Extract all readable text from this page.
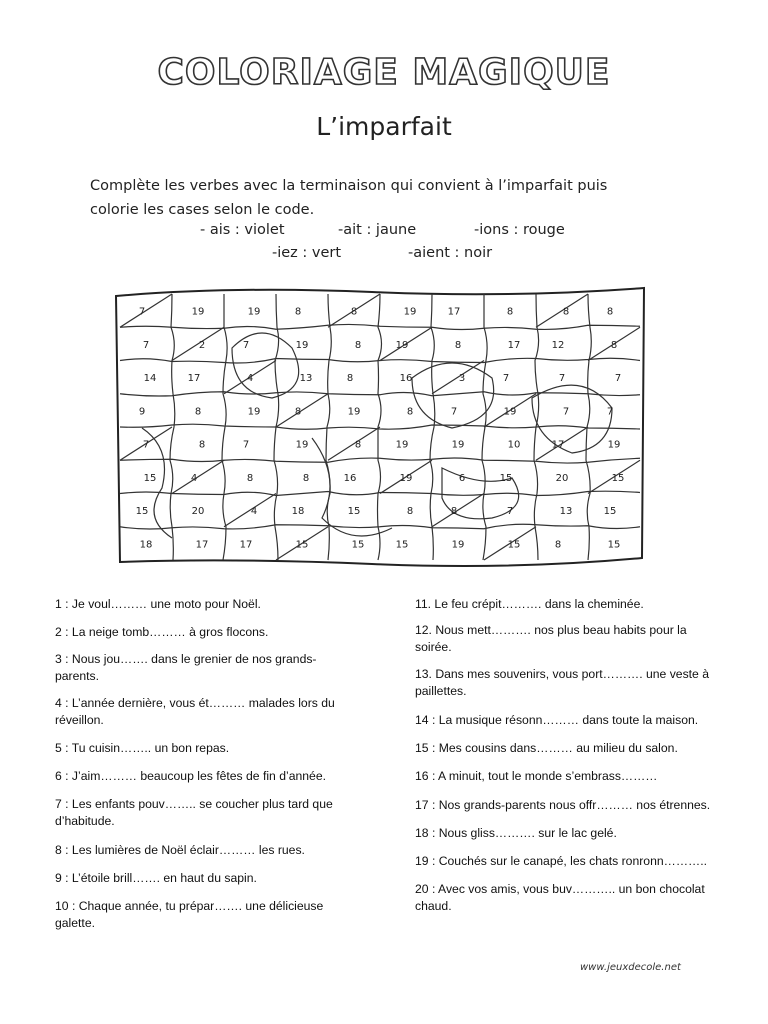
COLORIAGE MAGIQUE
L’imparfait
Complète les verbes avec la terminaison qui convient à l’imparfait puis
colorie les cases selon le code.
- ais : violet	-ait : jaune	-ions : rouge
-iez : vert	-aient : noir
7	19	19	8	8	19	17	8	8	8
7	2	7	19	8	19	8	17	12	8
14	17	4	13	8	16	3	7	7	7
9	8	19	8	19	8	7	19	7	7
7	8	7	19	8	19	19	10	17	19
15	4	8	8	16	19	6	15	20	15
15	20	4	18	15	8	8	7	13	15
18	17	17	15	15	15	19	15	8	15
1 : Je voul……… une moto pour Noël.
2 : La neige tomb……… à gros flocons.
3 : Nous jou……. dans le grenier de nos grands-parents.
4 : L’année dernière, vous ét……… malades lors du réveillon.
5 : Tu cuisin…….. un bon repas.
6 : J’aim……… beaucoup les fêtes de fin d’année.
7 : Les enfants pouv…….. se coucher plus tard que d’habitude.
8 : Les lumières de Noël éclair……… les rues.
9 : L’étoile brill……. en haut du sapin.
10 : Chaque année, tu prépar……. une délicieuse galette.
11. Le feu crépit………. dans la cheminée.
12. Nous mett………. nos plus beau habits pour la soirée.
13. Dans mes souvenirs, vous port………. une veste à paillettes.
14 : La musique résonn……… dans toute la maison.
15 : Mes cousins dans……… au milieu du salon.
16 : A minuit, tout le monde s’embrass………
17 : Nos grands-parents nous offr……… nos étrennes.
18 : Nous gliss………. sur le lac gelé.
19 : Couchés sur le canapé, les chats ronronn………..
20 : Avec vos amis, vous buv……….. un bon chocolat chaud.
www.jeuxdecole.net
